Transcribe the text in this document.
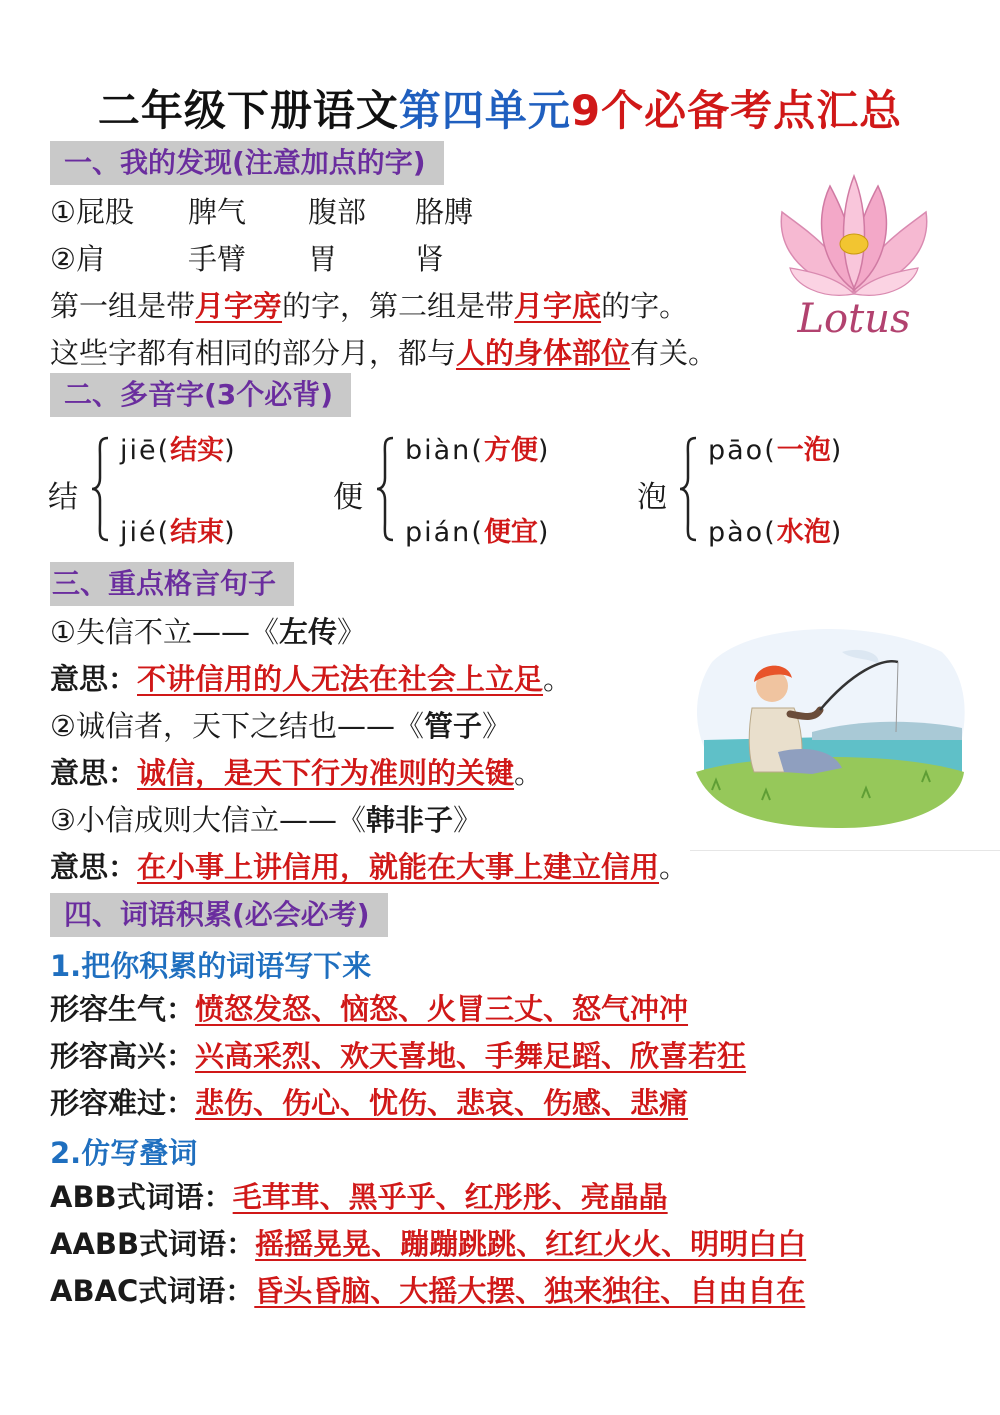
二年级下册语文第四单元9个必备考点汇总
一、我的发现(注意加点的字)
①屁股 脾气 腹部 胳膊
②肩	手臂 胃	肾
第一组是带月字旁的字，第二组是带月字底的字。
这些字都有相同的部分月，都与人的身体部位有关。
Lotus
二、多音字(3个必背)
结
jiē(结实)
jié(结束)
便
biàn(方便)
pián(便宜)
泡
pāo(一泡)
pào(水泡)
三、重点格言句子
①失信不立——《左传》
意思：不讲信用的人无法在社会上立足。
②诚信者，天下之结也——《管子》
意思：诚信，是天下行为准则的关键。
③小信成则大信立——《韩非子》
意思：在小事上讲信用，就能在大事上建立信用。
四、词语积累(必会必考)
1.把你积累的词语写下来
形容生气：愤怒发怒、恼怒、火冒三丈、怒气冲冲
形容高兴：兴高采烈、欢天喜地、手舞足蹈、欣喜若狂
形容难过：悲伤、伤心、忧伤、悲哀、伤感、悲痛
2.仿写叠词
ABB式词语：毛茸茸、黑乎乎、红彤彤、亮晶晶
AABB式词语：摇摇晃晃、蹦蹦跳跳、红红火火、明明白白
ABAC式词语：昏头昏脑、大摇大摆、独来独往、自由自在
